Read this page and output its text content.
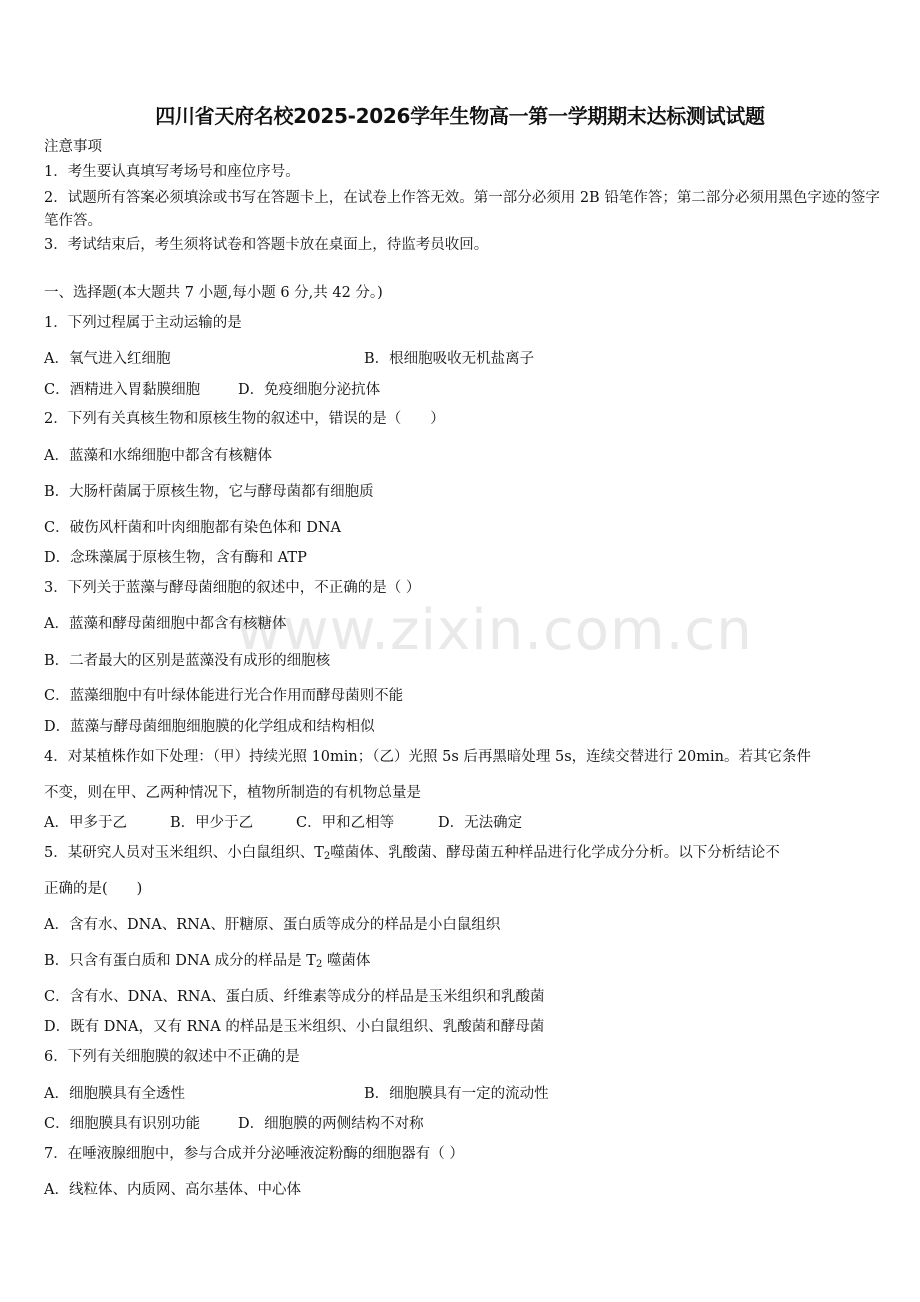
四川省天府名校2025-2026学年生物高一第一学期期末达标测试试题
注意事项
1．考生要认真填写考场号和座位序号。
2．试题所有答案必须填涂或书写在答题卡上，在试卷上作答无效。第一部分必须用 2B 铅笔作答；第二部分必须用黑色字迹的签字笔作答。
3．考试结束后，考生须将试卷和答题卡放在桌面上，待监考员收回。
一、选择题(本大题共 7 小题,每小题 6 分,共 42 分。)
1．下列过程属于主动运输的是
A．氧气进入红细胞	B．根细胞吸收无机盐离子
C．酒精进入胃黏膜细胞	D．免疫细胞分泌抗体
2．下列有关真核生物和原核生物的叙述中，错误的是（　　）
A．蓝藻和水绵细胞中都含有核糖体
B．大肠杆菌属于原核生物，它与酵母菌都有细胞质
C．破伤风杆菌和叶肉细胞都有染色体和 DNA
D．念珠藻属于原核生物，含有酶和 ATP
3．下列关于蓝藻与酵母菌细胞的叙述中，不正确的是（ ）
A．蓝藻和酵母菌细胞中都含有核糖体
B．二者最大的区别是蓝藻没有成形的细胞核
C．蓝藻细胞中有叶绿体能进行光合作用而酵母菌则不能
D．蓝藻与酵母菌细胞细胞膜的化学组成和结构相似
4．对某植株作如下处理：（甲）持续光照 10min；（乙）光照 5s 后再黑暗处理 5s，连续交替进行 20min。若其它条件
不变，则在甲、乙两种情况下，植物所制造的有机物总量是
A．甲多于乙	B．甲少于乙	C．甲和乙相等	D．无法确定
5．某研究人员对玉米组织、小白鼠组织、$T_2$噬菌体、乳酸菌、酵母菌五种样品进行化学成分分析。以下分析结论不
正确的是(　　)
A．含有水、DNA、RNA、肝糖原、蛋白质等成分的样品是小白鼠组织
B．只含有蛋白质和 DNA 成分的样品是 $T_2$ 噬菌体
C．含有水、DNA、RNA、蛋白质、纤维素等成分的样品是玉米组织和乳酸菌
D．既有 DNA，又有 RNA 的样品是玉米组织、小白鼠组织、乳酸菌和酵母菌
6．下列有关细胞膜的叙述中不正确的是
A．细胞膜具有全透性	B．细胞膜具有一定的流动性
C．细胞膜具有识别功能	D．细胞膜的两侧结构不对称
7．在唾液腺细胞中，参与合成并分泌唾液淀粉酶的细胞器有（ ）
A．线粒体、内质网、高尔基体、中心体
www.zixin.com.cn
